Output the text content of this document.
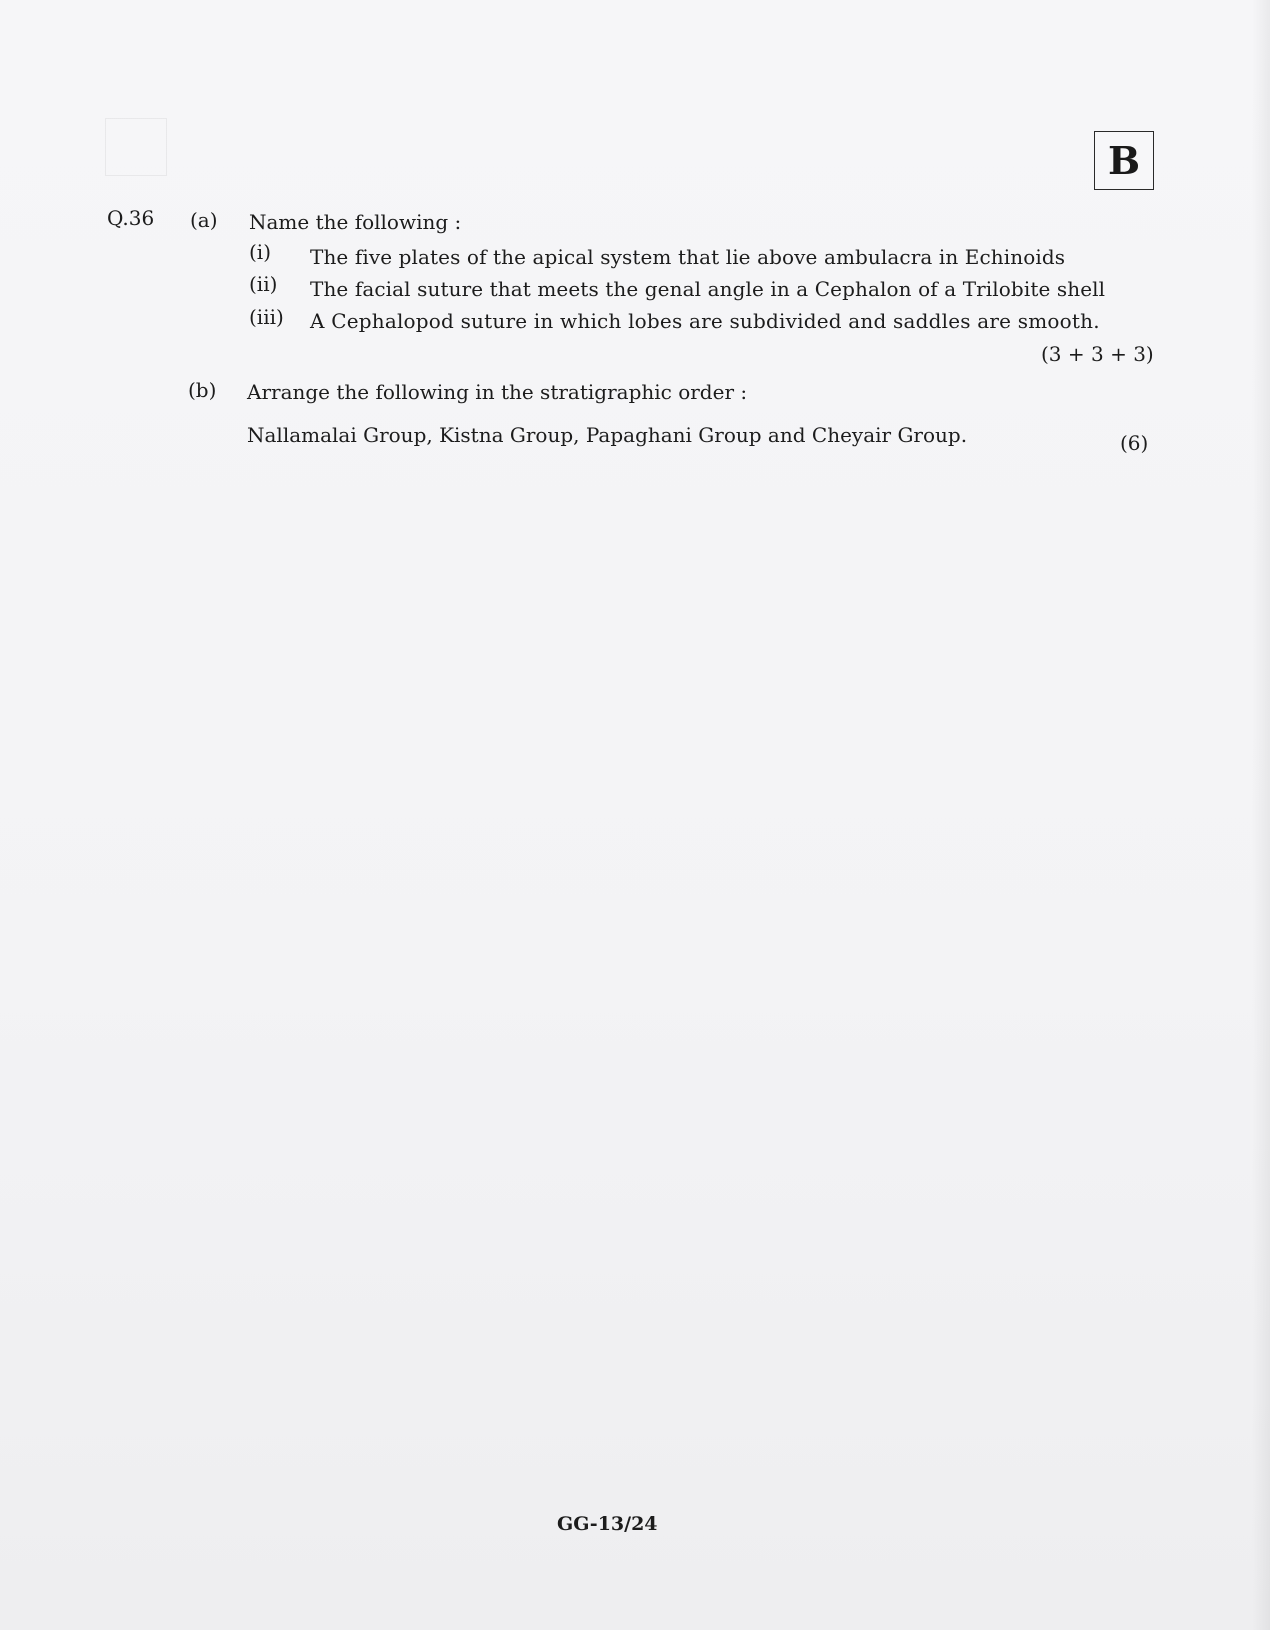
B
Q.36 (a) Name the following :
(i) The five plates of the apical system that lie above ambulacra in Echinoids
(ii) The facial suture that meets the genal angle in a Cephalon of a Trilobite shell
(iii) A Cephalopod suture in which lobes are subdivided and saddles are smooth.
(3 + 3 + 3)
(b) Arrange the following in the stratigraphic order :
Nallamalai Group, Kistna Group, Papaghani Group and Cheyair Group.	(6)
GG-13/24
